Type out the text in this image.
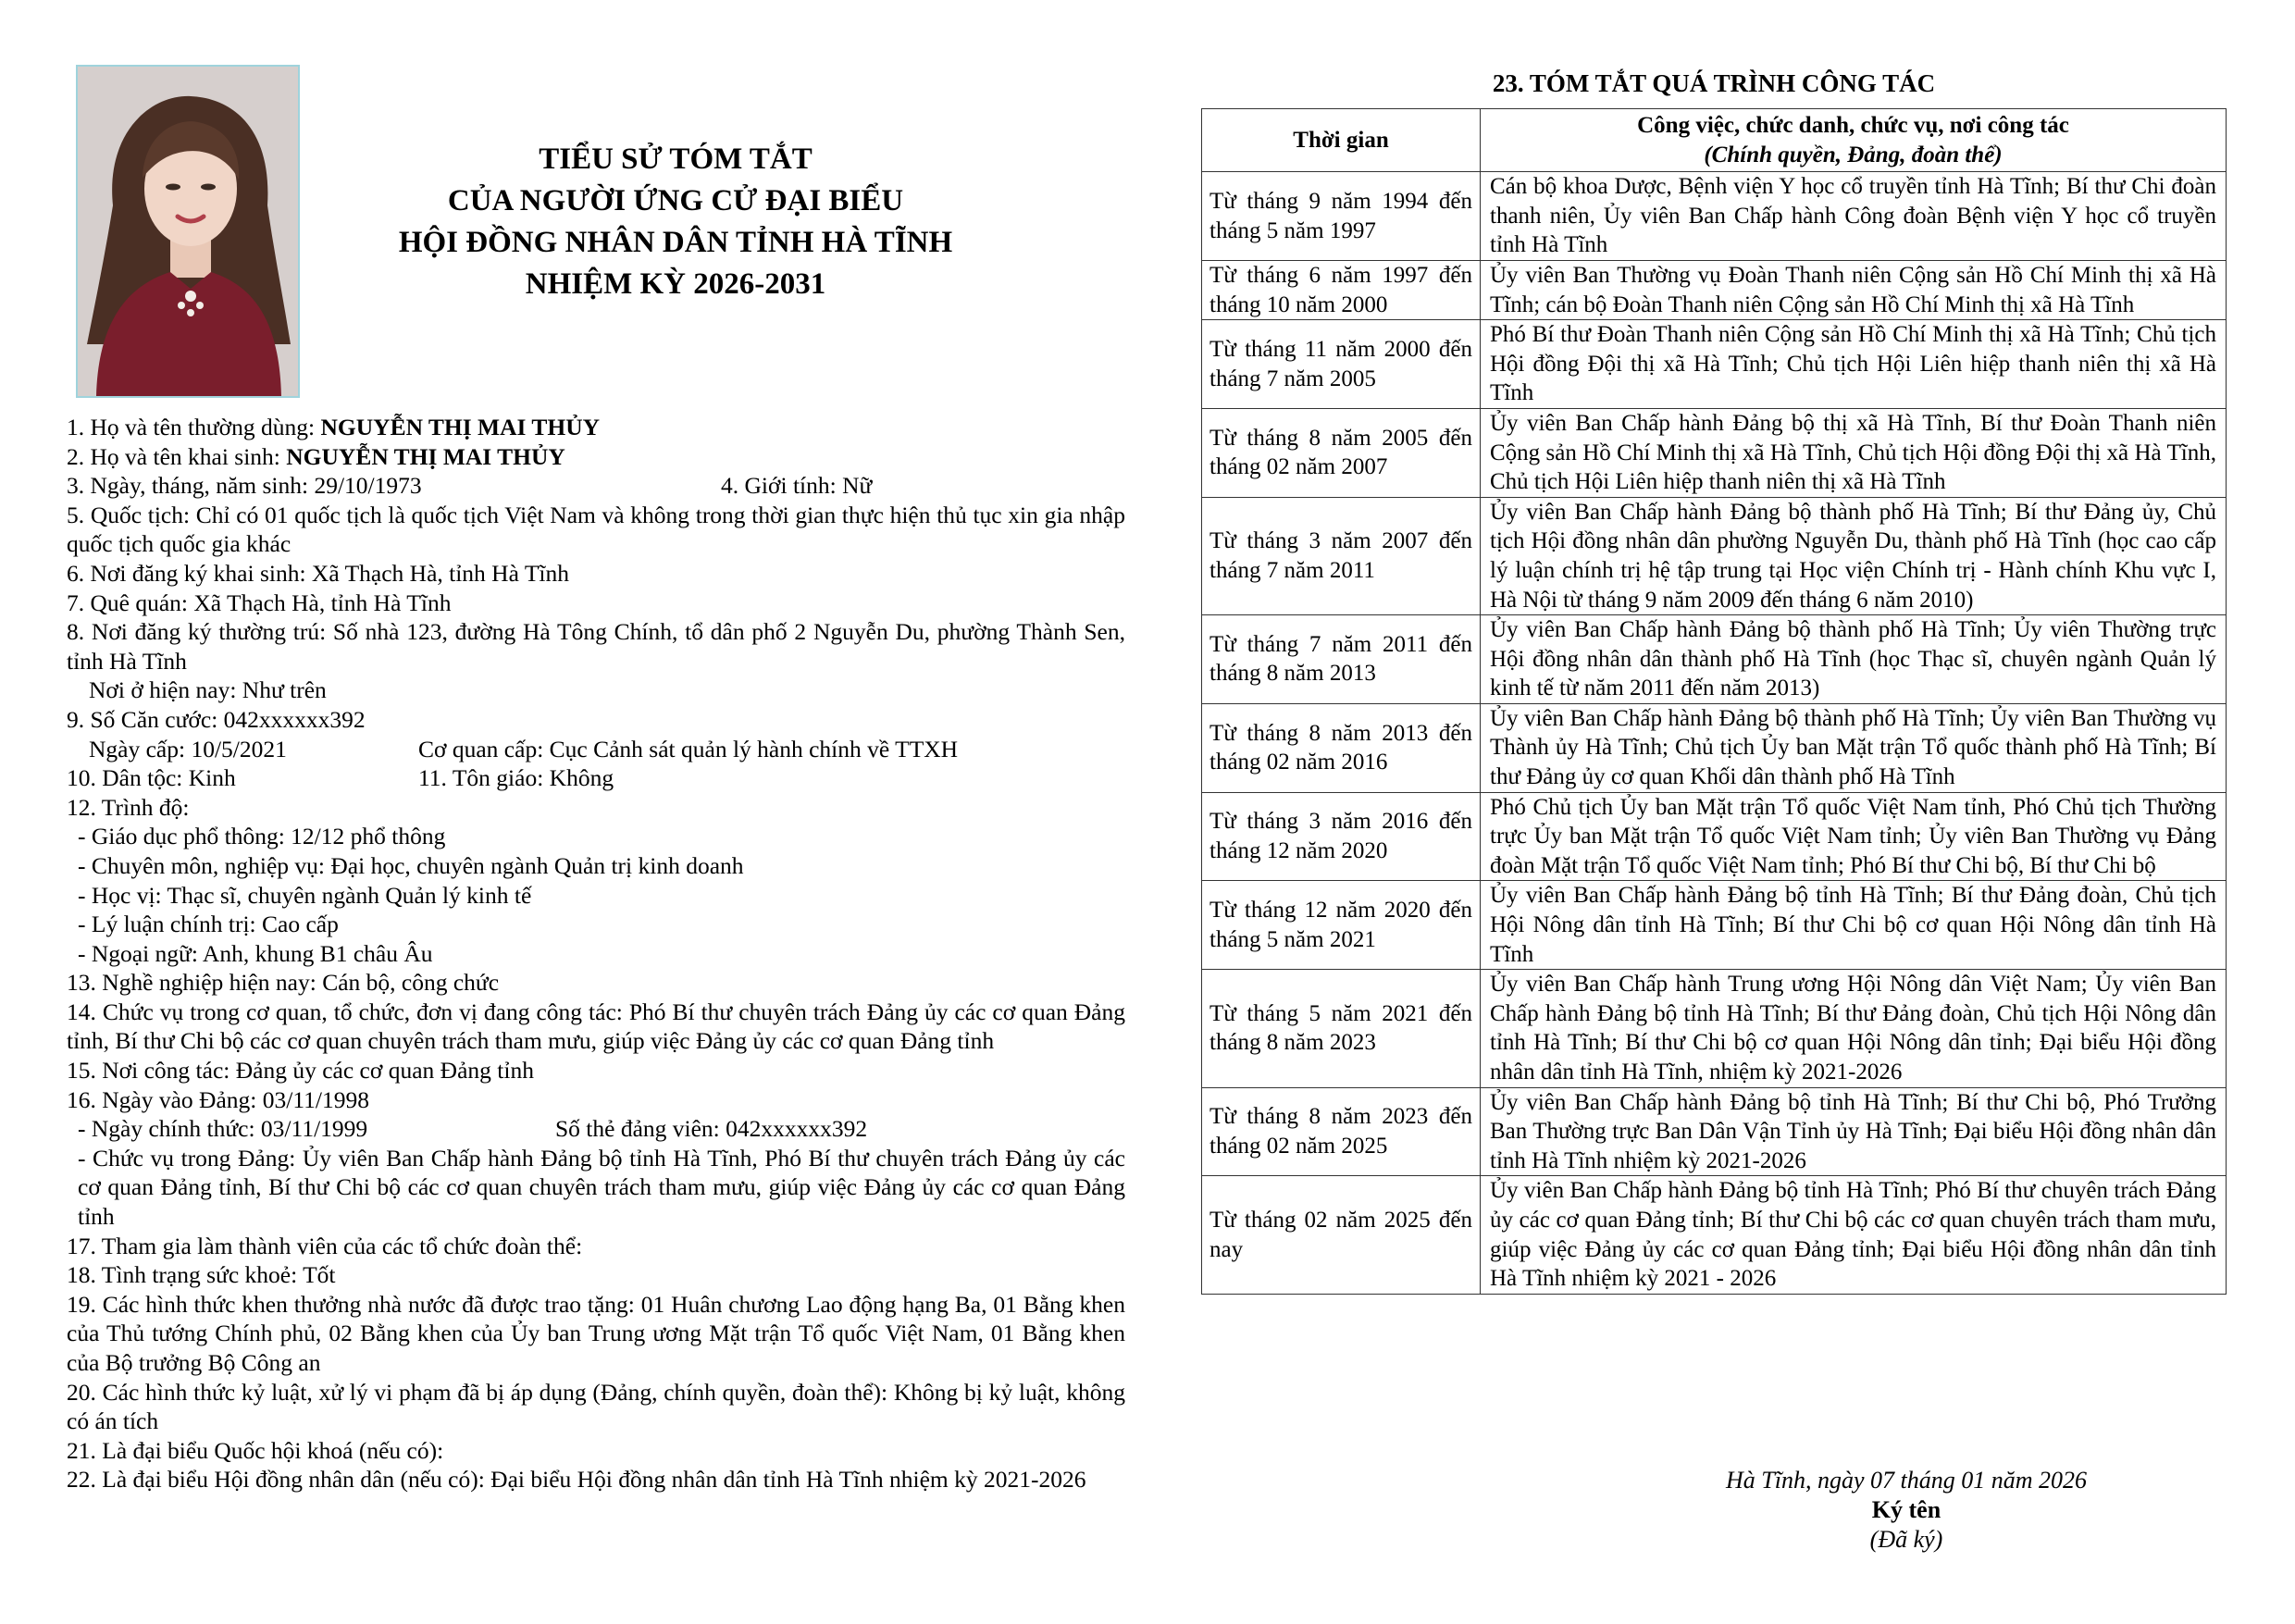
TIỂU SỬ TÓM TẮT
CỦA NGƯỜI ỨNG CỬ ĐẠI BIỂU
HỘI ĐỒNG NHÂN DÂN TỈNH HÀ TĨNH
NHIỆM KỲ 2026-2031

1. Họ và tên thường dùng: NGUYỄN THỊ MAI THỦY

2. Họ và tên khai sinh: NGUYỄN THỊ MAI THỦY

3. Ngày, tháng, năm sinh: 29/10/1973	4. Giới tính: Nữ

5. Quốc tịch: Chỉ có 01 quốc tịch là quốc tịch Việt Nam và không trong thời gian thực hiện thủ tục xin gia nhập quốc tịch quốc gia khác

6. Nơi đăng ký khai sinh: Xã Thạch Hà, tỉnh Hà Tĩnh

7. Quê quán: Xã Thạch Hà, tỉnh Hà Tĩnh

8. Nơi đăng ký thường trú: Số nhà 123, đường Hà Tông Chính, tổ dân phố 2 Nguyễn Du, phường Thành Sen, tỉnh Hà Tĩnh

Nơi ở hiện nay: Như trên

9. Số Căn cước: 042xxxxxx392

Ngày cấp: 10/5/2021	Cơ quan cấp: Cục Cảnh sát quản lý hành chính về TTXH
10. Dân tộc: Kinh	11. Tôn giáo: Không

12. Trình độ:

- Giáo dục phổ thông: 12/12 phổ thông

- Chuyên môn, nghiệp vụ: Đại học, chuyên ngành Quản trị kinh doanh

- Học vị: Thạc sĩ, chuyên ngành Quản lý kinh tế

- Lý luận chính trị: Cao cấp

- Ngoại ngữ: Anh, khung B1 châu Âu

13. Nghề nghiệp hiện nay: Cán bộ, công chức

14. Chức vụ trong cơ quan, tổ chức, đơn vị đang công tác: Phó Bí thư chuyên trách Đảng ủy các cơ quan Đảng tỉnh, Bí thư Chi bộ các cơ quan chuyên trách tham mưu, giúp việc Đảng ủy các cơ quan Đảng tỉnh

15. Nơi công tác: Đảng ủy các cơ quan Đảng tỉnh

16. Ngày vào Đảng: 03/11/1998

- Ngày chính thức: 03/11/1999	Số thẻ đảng viên: 042xxxxxx392

- Chức vụ trong Đảng: Ủy viên Ban Chấp hành Đảng bộ tỉnh Hà Tĩnh, Phó Bí thư chuyên trách Đảng ủy các cơ quan Đảng tỉnh, Bí thư Chi bộ các cơ quan chuyên trách tham mưu, giúp việc Đảng ủy các cơ quan Đảng tỉnh

17. Tham gia làm thành viên của các tổ chức đoàn thể:

18. Tình trạng sức khoẻ: Tốt

19. Các hình thức khen thưởng nhà nước đã được trao tặng: 01 Huân chương Lao động hạng Ba, 01 Bằng khen của Thủ tướng Chính phủ, 02 Bằng khen của Ủy ban Trung ương Mặt trận Tổ quốc Việt Nam, 01 Bằng khen của Bộ trưởng Bộ Công an

20. Các hình thức kỷ luật, xử lý vi phạm đã bị áp dụng (Đảng, chính quyền, đoàn thể): Không bị kỷ luật, không có án tích

21. Là đại biểu Quốc hội khoá (nếu có):

22. Là đại biểu Hội đồng nhân dân (nếu có): Đại biểu Hội đồng nhân dân tỉnh Hà Tĩnh nhiệm kỳ 2021-2026

23. TÓM TẮT QUÁ TRÌNH CÔNG TÁC
Thời gian	Công việc, chức danh, chức vụ, nơi công tác
(Chính quyền, Đảng, đoàn thể)

Từ tháng 9 năm 1994 đến tháng 5 năm 1997	Cán bộ khoa Dược, Bệnh viện Y học cổ truyền tỉnh Hà Tĩnh; Bí thư Chi đoàn thanh niên, Ủy viên Ban Chấp hành Công đoàn Bệnh viện Y học cổ truyền tỉnh Hà Tĩnh
Từ tháng 6 năm 1997 đến tháng 10 năm 2000	Ủy viên Ban Thường vụ Đoàn Thanh niên Cộng sản Hồ Chí Minh thị xã Hà Tĩnh; cán bộ Đoàn Thanh niên Cộng sản Hồ Chí Minh thị xã Hà Tĩnh
Từ tháng 11 năm 2000 đến tháng 7 năm 2005	Phó Bí thư Đoàn Thanh niên Cộng sản Hồ Chí Minh thị xã Hà Tĩnh; Chủ tịch Hội đồng Đội thị xã Hà Tĩnh; Chủ tịch Hội Liên hiệp thanh niên thị xã Hà Tĩnh
Từ tháng 8 năm 2005 đến tháng 02 năm 2007	Ủy viên Ban Chấp hành Đảng bộ thị xã Hà Tĩnh, Bí thư Đoàn Thanh niên Cộng sản Hồ Chí Minh thị xã Hà Tĩnh, Chủ tịch Hội đồng Đội thị xã Hà Tĩnh, Chủ tịch Hội Liên hiệp thanh niên thị xã Hà Tĩnh
Từ tháng 3 năm 2007 đến tháng 7 năm 2011	Ủy viên Ban Chấp hành Đảng bộ thành phố Hà Tĩnh; Bí thư Đảng ủy, Chủ tịch Hội đồng nhân dân phường Nguyễn Du, thành phố Hà Tĩnh (học cao cấp lý luận chính trị hệ tập trung tại Học viện Chính trị - Hành chính Khu vực I, Hà Nội từ tháng 9 năm 2009 đến tháng 6 năm 2010)
Từ tháng 7 năm 2011 đến tháng 8 năm 2013	Ủy viên Ban Chấp hành Đảng bộ thành phố Hà Tĩnh; Ủy viên Thường trực Hội đồng nhân dân thành phố Hà Tĩnh (học Thạc sĩ, chuyên ngành Quản lý kinh tế từ năm 2011 đến năm 2013)
Từ tháng 8 năm 2013 đến tháng 02 năm 2016	Ủy viên Ban Chấp hành Đảng bộ thành phố Hà Tĩnh; Ủy viên Ban Thường vụ Thành ủy Hà Tĩnh; Chủ tịch Ủy ban Mặt trận Tổ quốc thành phố Hà Tĩnh; Bí thư Đảng ủy cơ quan Khối dân thành phố Hà Tĩnh
Từ tháng 3 năm 2016 đến tháng 12 năm 2020	Phó Chủ tịch Ủy ban Mặt trận Tổ quốc Việt Nam tỉnh, Phó Chủ tịch Thường trực Ủy ban Mặt trận Tổ quốc Việt Nam tỉnh; Ủy viên Ban Thường vụ Đảng đoàn Mặt trận Tổ quốc Việt Nam tỉnh; Phó Bí thư Chi bộ, Bí thư Chi bộ
Từ tháng 12 năm 2020 đến tháng 5 năm 2021	Ủy viên Ban Chấp hành Đảng bộ tỉnh Hà Tĩnh; Bí thư Đảng đoàn, Chủ tịch Hội Nông dân tỉnh Hà Tĩnh; Bí thư Chi bộ cơ quan Hội Nông dân tỉnh Hà Tĩnh
Từ tháng 5 năm 2021 đến tháng 8 năm 2023	Ủy viên Ban Chấp hành Trung ương Hội Nông dân Việt Nam; Ủy viên Ban Chấp hành Đảng bộ tỉnh Hà Tĩnh; Bí thư Đảng đoàn, Chủ tịch Hội Nông dân tỉnh Hà Tĩnh; Bí thư Chi bộ cơ quan Hội Nông dân tỉnh; Đại biểu Hội đồng nhân dân tỉnh Hà Tĩnh, nhiệm kỳ 2021-2026
Từ tháng 8 năm 2023 đến tháng 02 năm 2025	Ủy viên Ban Chấp hành Đảng bộ tỉnh Hà Tĩnh; Bí thư Chi bộ, Phó Trưởng Ban Thường trực Ban Dân Vận Tỉnh ủy Hà Tĩnh; Đại biểu Hội đồng nhân dân tỉnh Hà Tĩnh nhiệm kỳ 2021-2026
Từ tháng 02 năm 2025 đến nay	Ủy viên Ban Chấp hành Đảng bộ tỉnh Hà Tĩnh; Phó Bí thư chuyên trách Đảng ủy các cơ quan Đảng tỉnh; Bí thư Chi bộ các cơ quan chuyên trách tham mưu, giúp việc Đảng ủy các cơ quan Đảng tỉnh; Đại biểu Hội đồng nhân dân tỉnh Hà Tĩnh nhiệm kỳ 2021 - 2026
Hà Tĩnh, ngày 07 tháng 01 năm 2026
Ký tên
(Đã ký)
